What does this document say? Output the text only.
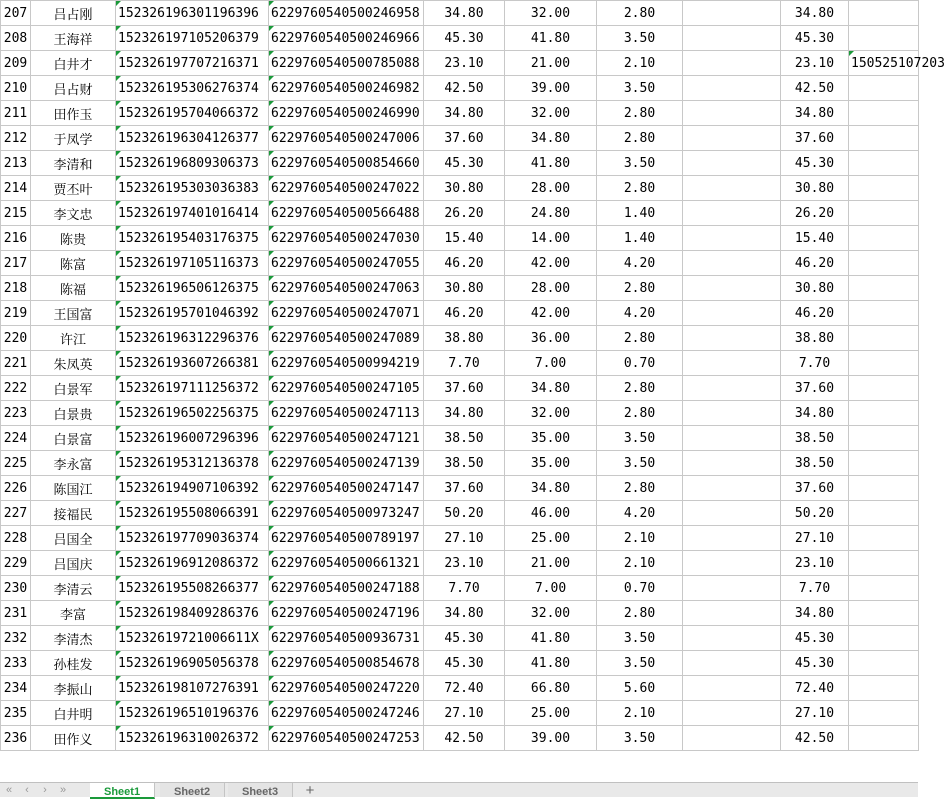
207	吕占刚	152326196301196396	6229760540500246958	34.80	32.00	2.80		34.80	
208	王海祥	152326197105206379	6229760540500246966	45.30	41.80	3.50		45.30	
209	白井才	152326197707216371	6229760540500785088	23.10	21.00	2.10		23.10	150525107203
210	吕占财	152326195306276374	6229760540500246982	42.50	39.00	3.50		42.50	
211	田作玉	152326195704066372	6229760540500246990	34.80	32.00	2.80		34.80	
212	于凤学	152326196304126377	6229760540500247006	37.60	34.80	2.80		37.60	
213	李清和	152326196809306373	6229760540500854660	45.30	41.80	3.50		45.30	
214	贾丕叶	152326195303036383	6229760540500247022	30.80	28.00	2.80		30.80	
215	李文忠	152326197401016414	6229760540500566488	26.20	24.80	1.40		26.20	
216	陈贵	152326195403176375	6229760540500247030	15.40	14.00	1.40		15.40	
217	陈富	152326197105116373	6229760540500247055	46.20	42.00	4.20		46.20	
218	陈福	152326196506126375	6229760540500247063	30.80	28.00	2.80		30.80	
219	王国富	152326195701046392	6229760540500247071	46.20	42.00	4.20		46.20	
220	许江	152326196312296376	6229760540500247089	38.80	36.00	2.80		38.80	
221	朱凤英	152326193607266381	6229760540500994219	7.70	7.00	0.70		7.70	
222	白景军	152326197111256372	6229760540500247105	37.60	34.80	2.80		37.60	
223	白景贵	152326196502256375	6229760540500247113	34.80	32.00	2.80		34.80	
224	白景富	152326196007296396	6229760540500247121	38.50	35.00	3.50		38.50	
225	李永富	152326195312136378	6229760540500247139	38.50	35.00	3.50		38.50	
226	陈国江	152326194907106392	6229760540500247147	37.60	34.80	2.80		37.60	
227	接福民	152326195508066391	6229760540500973247	50.20	46.00	4.20		50.20	
228	吕国全	152326197709036374	6229760540500789197	27.10	25.00	2.10		27.10	
229	吕国庆	152326196912086372	6229760540500661321	23.10	21.00	2.10		23.10	
230	李清云	152326195508266377	6229760540500247188	7.70	7.00	0.70		7.70	
231	李富	152326198409286376	6229760540500247196	34.80	32.00	2.80		34.80	
232	李清杰	15232619721006611X	6229760540500936731	45.30	41.80	3.50		45.30	
233	孙桂发	152326196905056378	6229760540500854678	45.30	41.80	3.50		45.30	
234	李振山	152326198107276391	6229760540500247220	72.40	66.80	5.60		72.40	
235	白井明	152326196510196376	6229760540500247246	27.10	25.00	2.10		27.10	
236	田作义	152326196310026372	6229760540500247253	42.50	39.00	3.50		42.50	
« ‹ › »	Sheet1	Sheet2	Sheet3	+
